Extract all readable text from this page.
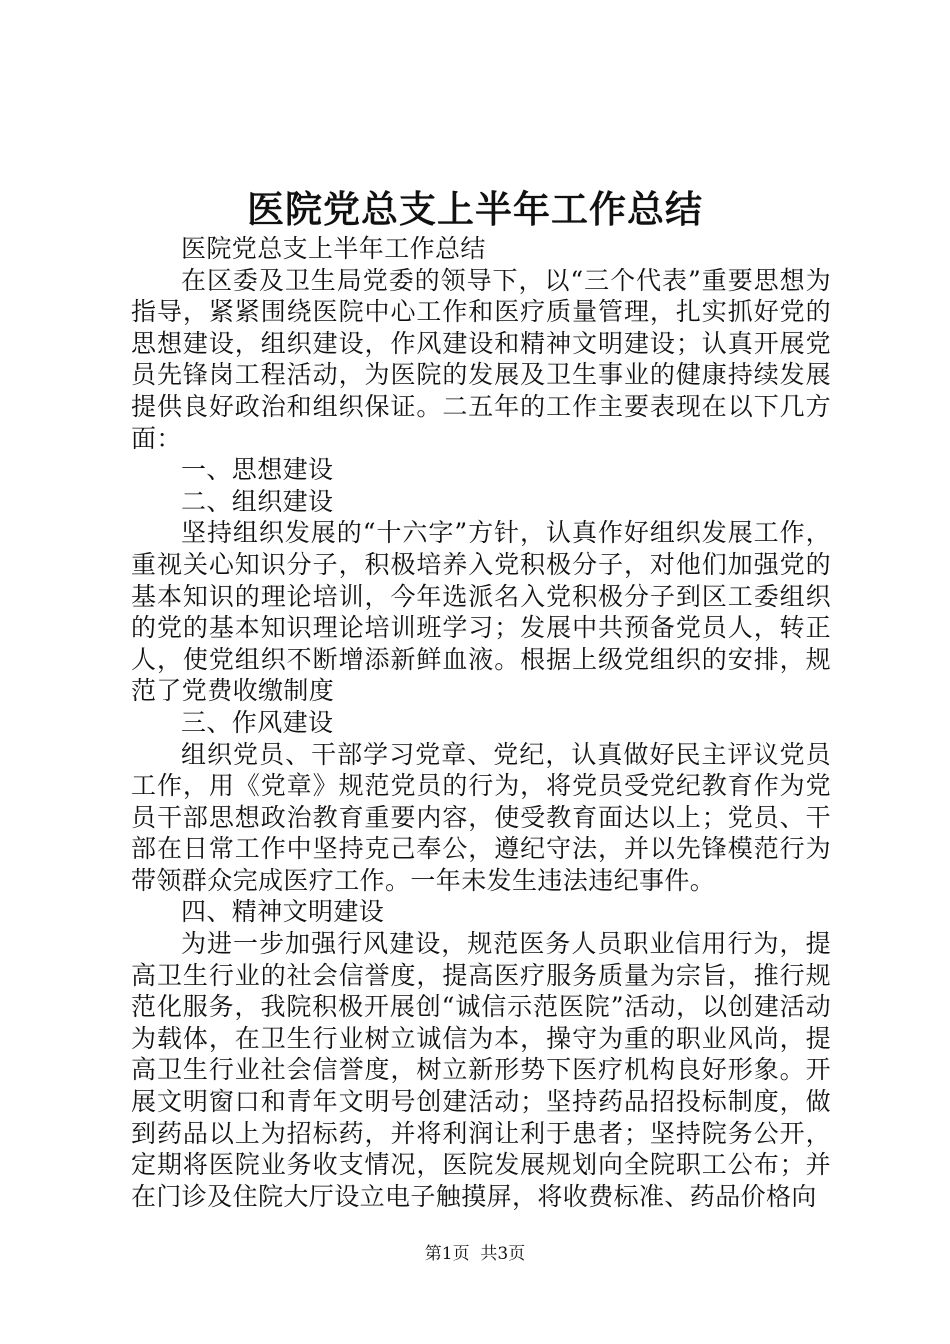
医院党总支上半年工作总结

医院党总支上半年工作总结

在区委及卫生局党委的领导下，以“三个代表”重要思想为指导，紧紧围绕医院中心工作和医疗质量管理，扎实抓好党的思想建设，组织建设，作风建设和精神文明建设；认真开展党员先锋岗工程活动，为医院的发展及卫生事业的健康持续发展提供良好政治和组织保证。二五年的工作主要表现在以下几方面：

一、思想建设

二、组织建设

坚持组织发展的“十六字”方针，认真作好组织发展工作，重视关心知识分子，积极培养入党积极分子，对他们加强党的基本知识的理论培训，今年选派名入党积极分子到区工委组织的党的基本知识理论培训班学习；发展中共预备党员人，转正人，使党组织不断增添新鲜血液。根据上级党组织的安排，规范了党费收缴制度

三、作风建设

组织党员、干部学习党章、党纪，认真做好民主评议党员工作，用《党章》规范党员的行为，将党员受党纪教育作为党员干部思想政治教育重要内容，使受教育面达以上；党员、干部在日常工作中坚持克己奉公，遵纪守法，并以先锋模范行为带领群众完成医疗工作。一年未发生违法违纪事件。

四、精神文明建设

为进一步加强行风建设，规范医务人员职业信用行为，提高卫生行业的社会信誉度，提高医疗服务质量为宗旨，推行规范化服务，我院积极开展创“诚信示范医院”活动，以创建活动为载体，在卫生行业树立诚信为本，操守为重的职业风尚，提高卫生行业社会信誉度，树立新形势下医疗机构良好形象。开展文明窗口和青年文明号创建活动；坚持药品招投标制度，做到药品以上为招标药，并将利润让利于患者；坚持院务公开，定期将医院业务收支情况，医院发展规划向全院职工公布；并在门诊及住院大厅设立电子触摸屏，将收费标准、药品价格向

第1页  共3页
